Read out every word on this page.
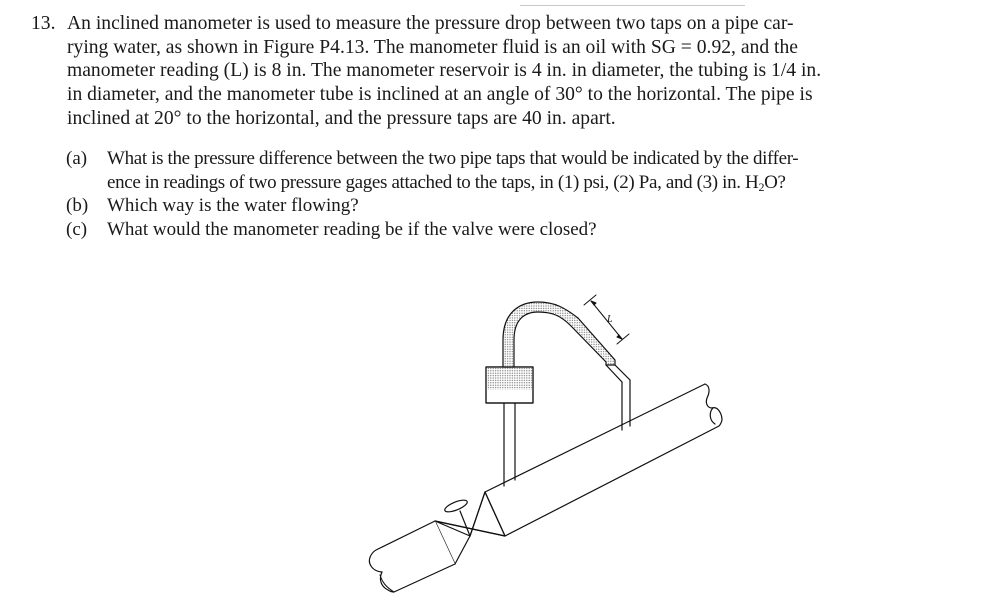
13. An inclined manometer is used to measure the pressure drop between two taps on a pipe car-
rying water, as shown in Figure P4.13. The manometer fluid is an oil with SG = 0.92, and the
manometer reading (L) is 8 in. The manometer reservoir is 4 in. in diameter, the tubing is 1/4 in.
in diameter, and the manometer tube is inclined at an angle of 30° to the horizontal. The pipe is
inclined at 20° to the horizontal, and the pressure taps are 40 in. apart.
(a) What is the pressure difference between the two pipe taps that would be indicated by the differ-
ence in readings of two pressure gages attached to the taps, in (1) psi, (2) Pa, and (3) in. $H_2O$?
(b) Which way is the water flowing?
(c) What would the manometer reading be if the valve were closed?
L
